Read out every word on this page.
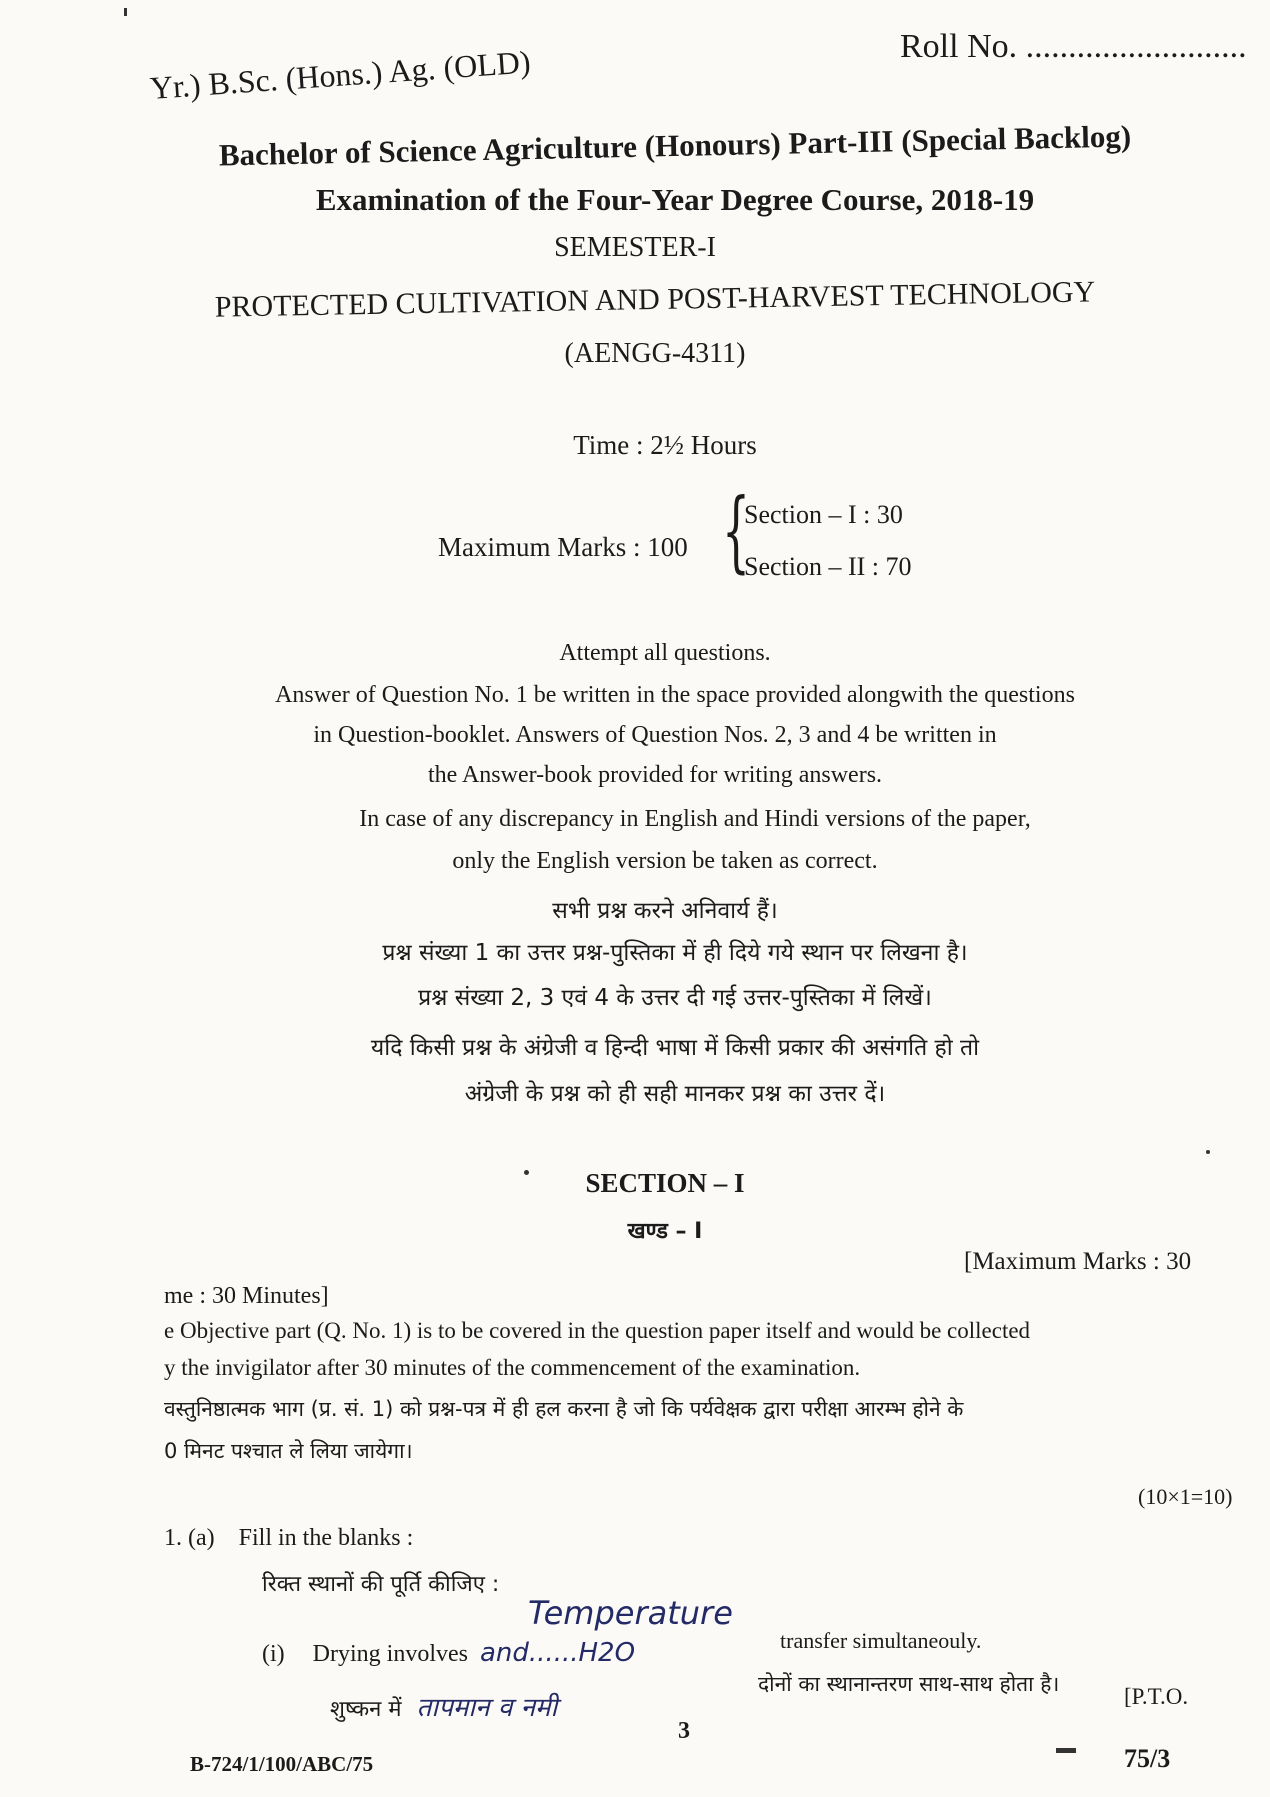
Roll No. ..........................
Yr.) B.Sc. (Hons.) Ag. (OLD)
Bachelor of Science Agriculture (Honours) Part-III (Special Backlog)
Examination of the Four-Year Degree Course, 2018-19
SEMESTER-I
PROTECTED CULTIVATION AND POST-HARVEST TECHNOLOGY
(AENGG-4311)
Time : 2½ Hours
Maximum Marks : 100 {
Section – I : 30
Section – II : 70
Attempt all questions.
Answer of Question No. 1 be written in the space provided alongwith the questions
in Question-booklet. Answers of Question Nos. 2, 3 and 4 be written in
the Answer-book provided for writing answers.
In case of any discrepancy in English and Hindi versions of the paper,
only the English version be taken as correct.
सभी प्रश्न करने अनिवार्य हैं।
प्रश्न संख्या 1 का उत्तर प्रश्न-पुस्तिका में ही दिये गये स्थान पर लिखना है।
प्रश्न संख्या 2, 3 एवं 4 के उत्तर दी गई उत्तर-पुस्तिका में लिखें।
यदि किसी प्रश्न के अंग्रेजी व हिन्दी भाषा में किसी प्रकार की असंगति हो तो
अंग्रेजी के प्रश्न को ही सही मानकर प्रश्न का उत्तर दें।
SECTION – I
खण्ड – I
[Maximum Marks : 30
me : 30 Minutes]
e Objective part (Q. No. 1) is to be covered in the question paper itself and would be collected
y the invigilator after 30 minutes of the commencement of the examination.
वस्तुनिष्ठात्मक भाग (प्र. सं. 1) को प्रश्न-पत्र में ही हल करना है जो कि पर्यवेक्षक द्वारा परीक्षा आरम्भ होने के
0 मिनट पश्चात ले लिया जायेगा।
(10×1=10)
1. (a) Fill in the blanks :
रिक्त स्थानों की पूर्ति कीजिए :
Temperature
(i) Drying involves and......H2O	transfer simultaneouly.
शुष्कन में तापमान व नमी
दोनों का स्थानान्तरण साथ-साथ होता है।
3
[P.T.O.
B-724/1/100/ABC/75	75/3
